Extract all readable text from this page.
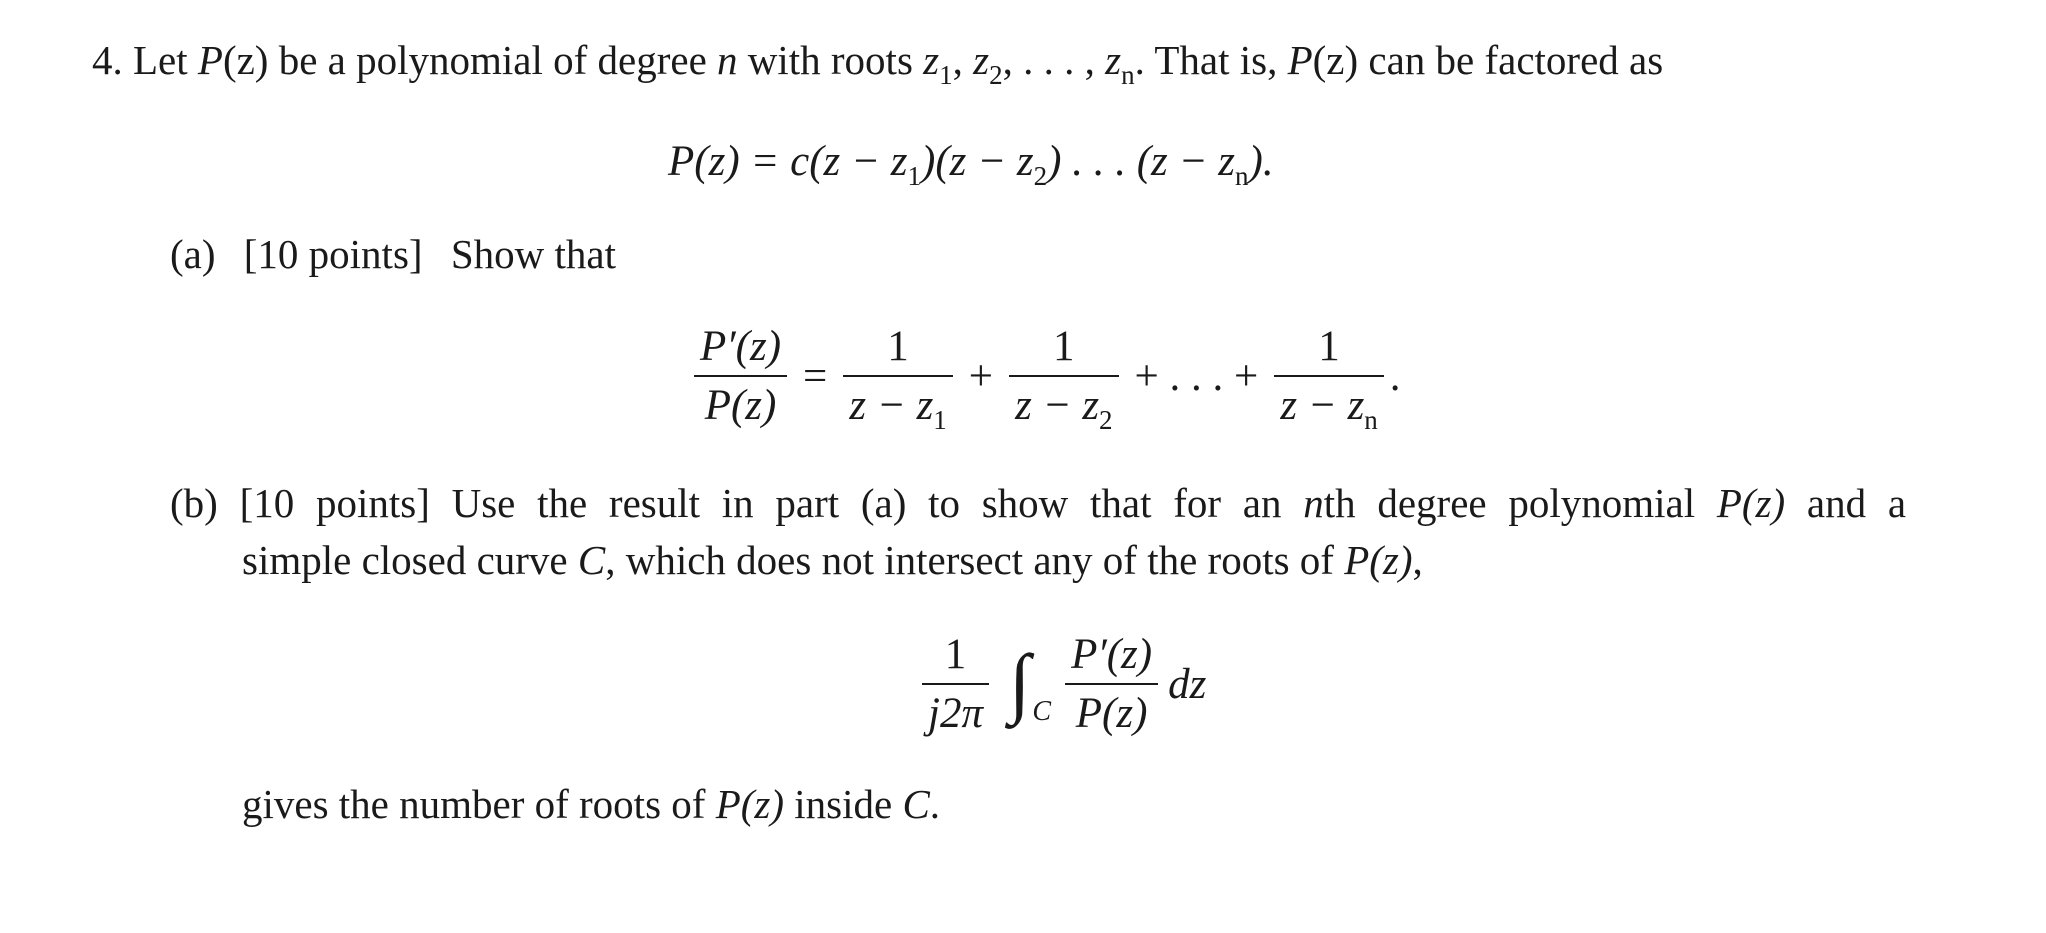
4. Let P(z) be a polynomial of degree n with roots $z_1$, $z_2$, . . . , $z_n$. That is, P(z) can be factored as
$P(z) = c(z - z_1)(z - z_2)$ . . . $(z - z_n)$.
(a) [10 points] Show that
$\frac{P'(z)}{P(z)} = \frac{1}{z - z_1} + \frac{1}{z - z_2}$ + . . . + $\frac{1}{z - z_n}$ .
(b) [10 points] Use the result in part (a) to show that for an nth degree polynomial P(z) and a
simple closed curve C, which does not intersect any of the roots of P(z),
$\frac{1}{j2\pi}$ ∫ C $\frac{P'(z)}{P(z)}$ dz
gives the number of roots of P(z) inside C.
